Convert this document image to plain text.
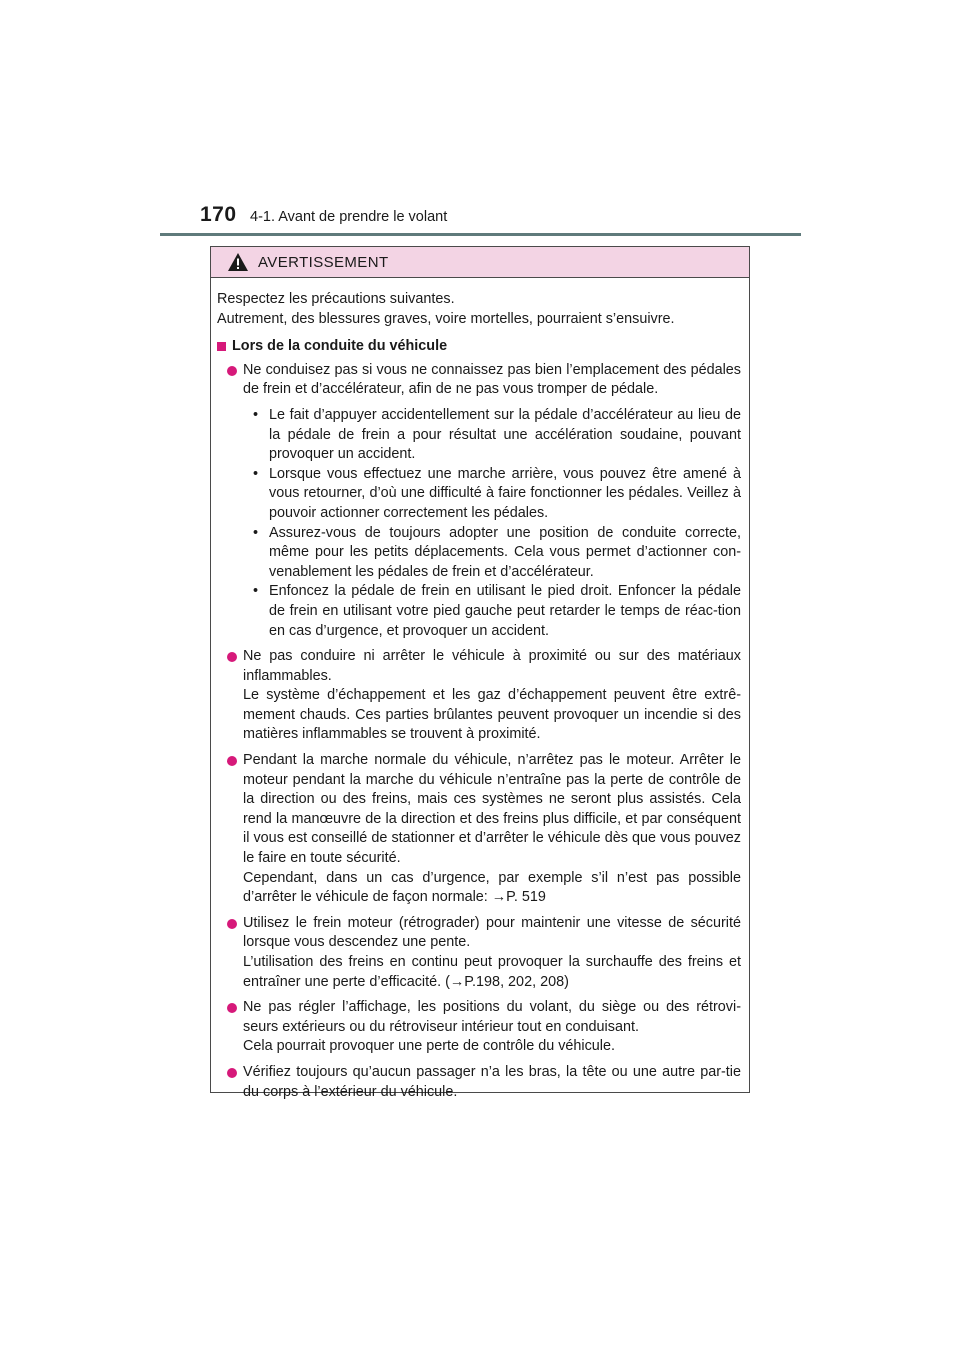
170 4-1. Avant de prendre le volant
AVERTISSEMENT

Respectez les précautions suivantes.
Autrement, des blessures graves, voire mortelles, pourraient s’ensuivre.

Lors de la conduite du véhicule

Ne conduisez pas si vous ne connaissez pas bien l’emplacement des pédales de frein et d’accélérateur, afin de ne pas vous tromper de pédale.

• Le fait d’appuyer accidentellement sur la pédale d’accélérateur au lieu de la pédale de frein a pour résultat une accélération soudaine, pouvant provoquer un accident.
• Lorsque vous effectuez une marche arrière, vous pouvez être amené à vous retourner, d’où une difficulté à faire fonctionner les pédales. Veillez à pouvoir actionner correctement les pédales.
• Assurez-vous de toujours adopter une position de conduite correcte, même pour les petits déplacements. Cela vous permet d’actionner con-venablement les pédales de frein et d’accélérateur.
• Enfoncez la pédale de frein en utilisant le pied droit. Enfoncer la pédale de frein en utilisant votre pied gauche peut retarder le temps de réac-tion en cas d’urgence, et provoquer un accident.

Ne pas conduire ni arrêter le véhicule à proximité ou sur des matériaux inflammables.

Le système d’échappement et les gaz d’échappement peuvent être extrê-mement chauds. Ces parties brûlantes peuvent provoquer un incendie si des matières inflammables se trouvent à proximité.

Pendant la marche normale du véhicule, n’arrêtez pas le moteur. Arrêter le moteur pendant la marche du véhicule n’entraîne pas la perte de contrôle de la direction ou des freins, mais ces systèmes ne seront plus assistés. Cela rend la manœuvre de la direction et des freins plus difficile, et par conséquent il vous est conseillé de stationner et d’arrêter le véhicule dès que vous pouvez le faire en toute sécurité.

Cependant, dans un cas d’urgence, par exemple s’il n’est pas possible d’arrêter le véhicule de façon normale: →P. 519

Utilisez le frein moteur (rétrograder) pour maintenir une vitesse de sécurité lorsque vous descendez une pente.

L’utilisation des freins en continu peut provoquer la surchauffe des freins et entraîner une perte d’efficacité. (→P.198, 202, 208)

Ne pas régler l’affichage, les positions du volant, du siège ou des rétrovi-seurs extérieurs ou du rétroviseur intérieur tout en conduisant.

Cela pourrait provoquer une perte de contrôle du véhicule.

Vérifiez toujours qu’aucun passager n’a les bras, la tête ou une autre par-tie du corps à l’extérieur du véhicule.
